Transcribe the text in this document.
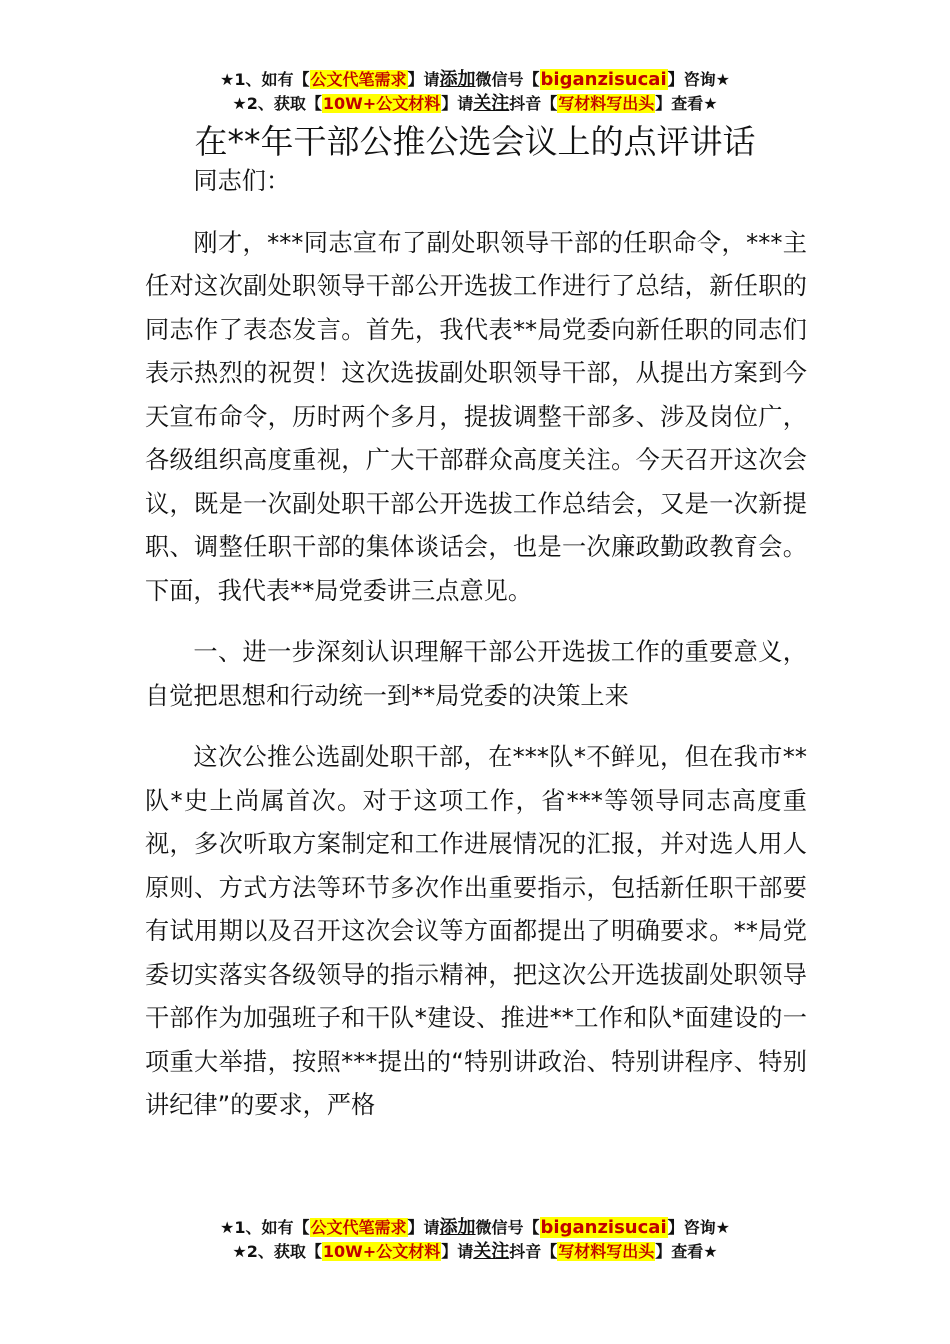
★1、如有【公文代笔需求】请添加微信号【biganzisucai】咨询★
★2、获取【10W+公文材料】请关注抖音【写材料写出头】查看★
在**年干部公推公选会议上的点评讲话

同志们：

刚才，***同志宣布了副处职领导干部的任职命令，***主任对这次副处职领导干部公开选拔工作进行了总结，新任职的同志作了表态发言。首先，我代表**局党委向新任职的同志们表示热烈的祝贺！这次选拔副处职领导干部，从提出方案到今天宣布命令，历时两个多月，提拔调整干部多、涉及岗位广，各级组织高度重视，广大干部群众高度关注。今天召开这次会议，既是一次副处职干部公开选拔工作总结会，又是一次新提职、调整任职干部的集体谈话会，也是一次廉政勤政教育会。下面，我代表**局党委讲三点意见。

一、进一步深刻认识理解干部公开选拔工作的重要意义，自觉把思想和行动统一到**局党委的决策上来

这次公推公选副处职干部，在***队*不鲜见，但在我市**队*史上尚属首次。对于这项工作，省***等领导同志高度重视，多次听取方案制定和工作进展情况的汇报，并对选人用人原则、方式方法等环节多次作出重要指示，包括新任职干部要有试用期以及召开这次会议等方面都提出了明确要求。**局党委切实落实各级领导的指示精神，把这次公开选拔副处职领导干部作为加强班子和干队*建设、推进**工作和队*面建设的一项重大举措，按照***提出的“特别讲政治、特别讲程序、特别讲纪律”的要求，严格

★1、如有【公文代笔需求】请添加微信号【biganzisucai】咨询★
★2、获取【10W+公文材料】请关注抖音【写材料写出头】查看★
